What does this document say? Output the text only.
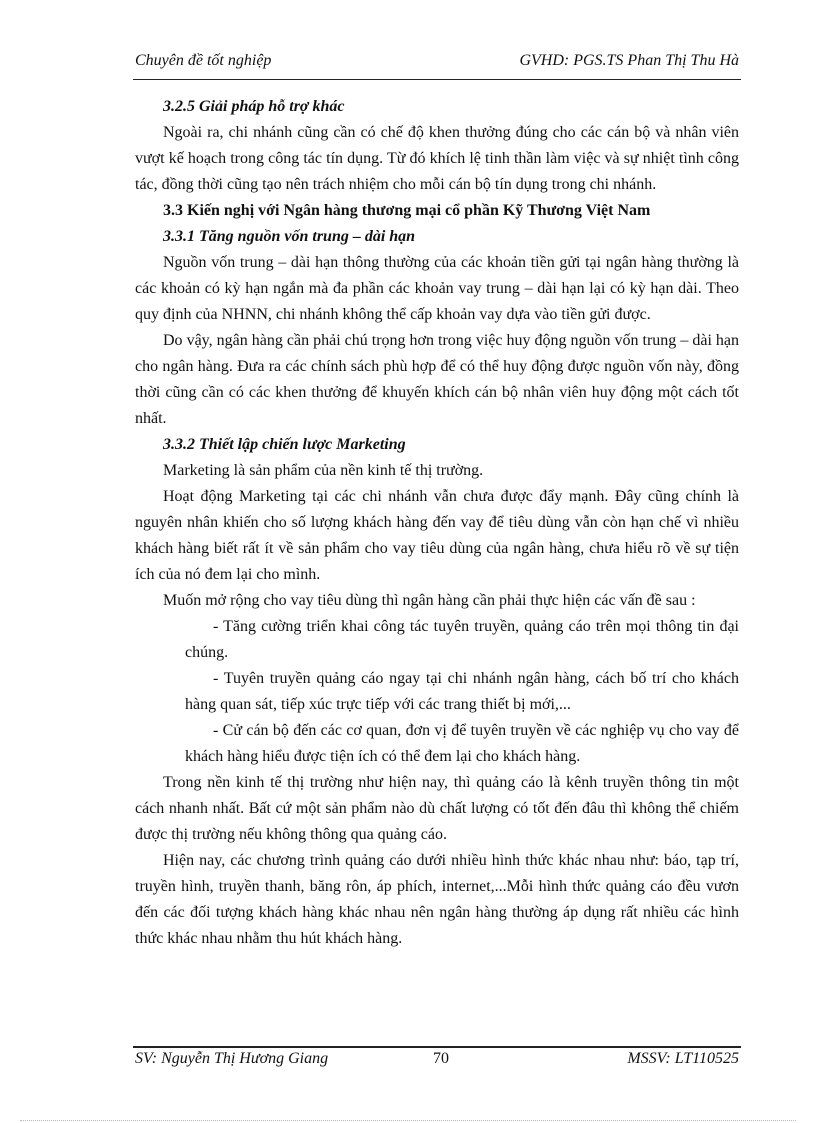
Chuyên đề tốt nghiệp	GVHD: PGS.TS Phan Thị Thu Hà

3.2.5 Giải pháp hỗ trợ khác

Ngoài ra, chi nhánh cũng cần có chế độ khen thưởng đúng cho các cán bộ và nhân viên vượt kế hoạch trong công tác tín dụng. Từ đó khích lệ tinh thần làm việc và sự nhiệt tình công tác, đồng thời cũng tạo nên trách nhiệm cho mỗi cán bộ tín dụng trong chi nhánh.

3.3 Kiến nghị với Ngân hàng thương mại cổ phần Kỹ Thương Việt Nam

3.3.1 Tăng nguồn vốn trung – dài hạn

Nguồn vốn trung – dài hạn thông thường của các khoản tiền gửi tại ngân hàng thường là các khoản có kỳ hạn ngắn mà đa phần các khoản vay trung – dài hạn lại có kỳ hạn dài. Theo quy định của NHNN, chi nhánh không thể cấp khoản vay dựa vào tiền gửi được.

Do vậy, ngân hàng cần phải chú trọng hơn trong việc huy động nguồn vốn trung – dài hạn cho ngân hàng. Đưa ra các chính sách phù hợp để có thể huy động được nguồn vốn này, đồng thời cũng cần có các khen thưởng để khuyến khích cán bộ nhân viên huy động một cách tốt nhất.

3.3.2 Thiết lập chiến lược Marketing

Marketing là sản phẩm của nền kinh tế thị trường.

Hoạt động Marketing tại các chi nhánh vẫn chưa được đẩy mạnh. Đây cũng chính là nguyên nhân khiến cho số lượng khách hàng đến vay để tiêu dùng vẫn còn hạn chế vì nhiều khách hàng biết rất ít về sản phẩm cho vay tiêu dùng của ngân hàng, chưa hiểu rõ về sự tiện ích của nó đem lại cho mình.

Muốn mở rộng cho vay tiêu dùng thì ngân hàng cần phải thực hiện các vấn đề sau :

- Tăng cường triển khai công tác tuyên truyền, quảng cáo trên mọi thông tin đại chúng.

- Tuyên truyền quảng cáo ngay tại chi nhánh ngân hàng, cách bố trí cho khách hàng quan sát, tiếp xúc trực tiếp với các trang thiết bị mới,...

- Cử cán bộ đến các cơ quan, đơn vị để tuyên truyền về các nghiệp vụ cho vay để khách hàng hiểu được tiện ích có thể đem lại cho khách hàng.

Trong nền kinh tế thị trường như hiện nay, thì quảng cáo là kênh truyền thông tin một cách nhanh nhất. Bất cứ một sản phẩm nào dù chất lượng có tốt đến đâu thì không thể chiếm được thị trường nếu không thông qua quảng cáo.

Hiện nay, các chương trình quảng cáo dưới nhiều hình thức khác nhau như: báo, tạp trí, truyền hình, truyền thanh, băng rôn, áp phích, internet,...Mỗi hình thức quảng cáo đều vươn đến các đối tượng khách hàng khác nhau nên ngân hàng thường áp dụng rất nhiều các hình thức khác nhau nhằm thu hút khách hàng.

SV: Nguyễn Thị Hương Giang	70	MSSV: LT110525
